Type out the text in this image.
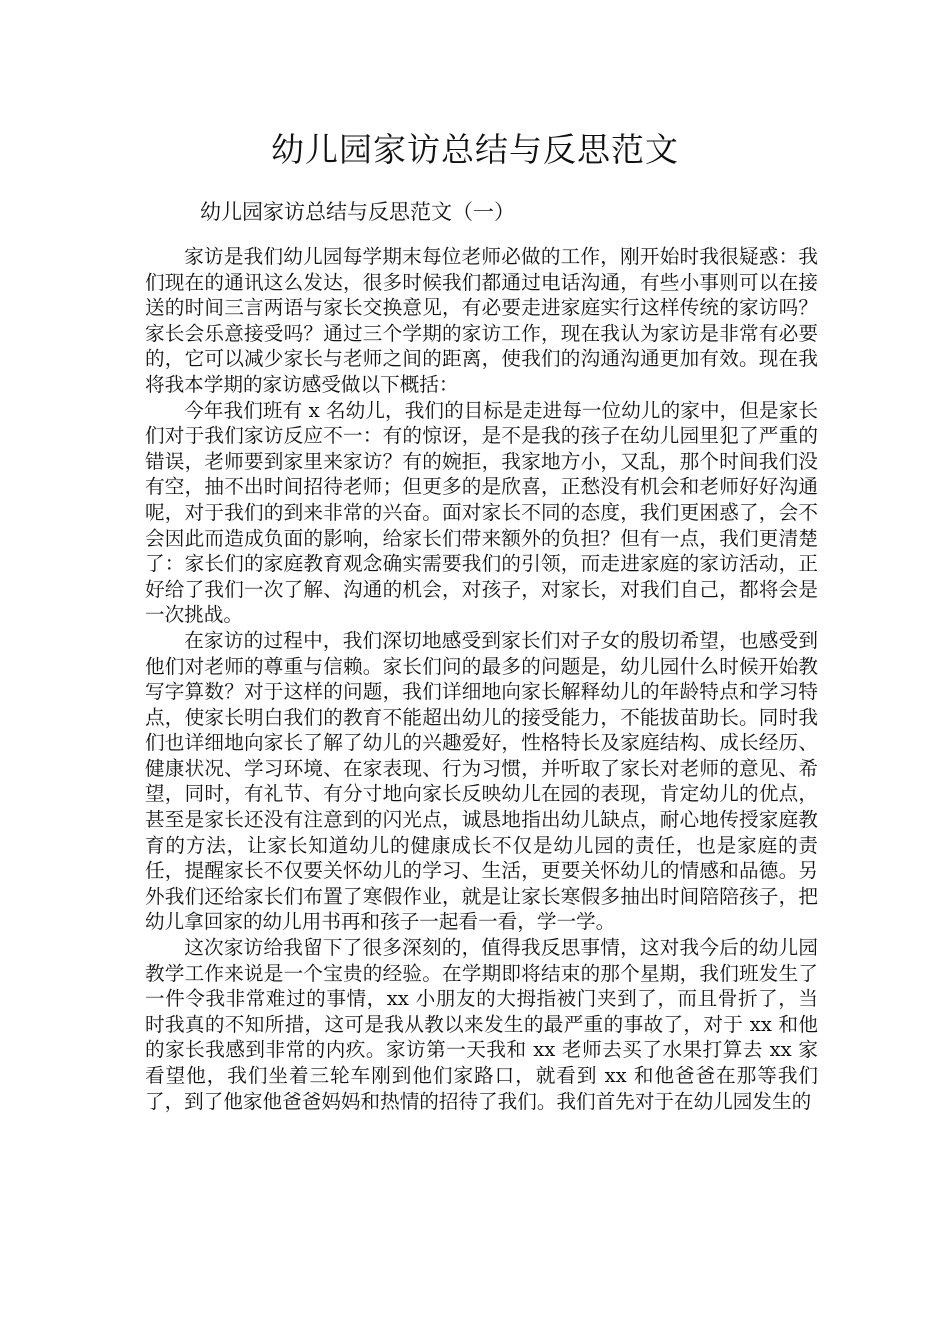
幼儿园家访总结与反思范文

幼儿园家访总结与反思范文（一）

家访是我们幼儿园每学期末每位老师必做的工作，刚开始时我很疑惑：我们现在的通讯这么发达，很多时候我们都通过电话沟通，有些小事则可以在接送的时间三言两语与家长交换意见，有必要走进家庭实行这样传统的家访吗？家长会乐意接受吗？通过三个学期的家访工作，现在我认为家访是非常有必要的，它可以减少家长与老师之间的距离，使我们的沟通沟通更加有效。现在我将我本学期的家访感受做以下概括：

今年我们班有 x 名幼儿，我们的目标是走进每一位幼儿的家中，但是家长们对于我们家访反应不一：有的惊讶，是不是我的孩子在幼儿园里犯了严重的错误，老师要到家里来家访？有的婉拒，我家地方小，又乱，那个时间我们没有空，抽不出时间招待老师；但更多的是欣喜，正愁没有机会和老师好好沟通呢，对于我们的到来非常的兴奋。面对家长不同的态度，我们更困惑了，会不会因此而造成负面的影响，给家长们带来额外的负担？但有一点，我们更清楚了：家长们的家庭教育观念确实需要我们的引领，而走进家庭的家访活动，正好给了我们一次了解、沟通的机会，对孩子，对家长，对我们自己，都将会是一次挑战。

在家访的过程中，我们深切地感受到家长们对子女的殷切希望，也感受到他们对老师的尊重与信赖。家长们问的最多的问题是，幼儿园什么时候开始教写字算数？对于这样的问题，我们详细地向家长解释幼儿的年龄特点和学习特点，使家长明白我们的教育不能超出幼儿的接受能力，不能拔苗助长。同时我们也详细地向家长了解了幼儿的兴趣爱好，性格特长及家庭结构、成长经历、健康状况、学习环境、在家表现、行为习惯，并听取了家长对老师的意见、希望，同时，有礼节、有分寸地向家长反映幼儿在园的表现，肯定幼儿的优点，甚至是家长还没有注意到的闪光点，诚恳地指出幼儿缺点，耐心地传授家庭教育的方法，让家长知道幼儿的健康成长不仅是幼儿园的责任，也是家庭的责任，提醒家长不仅要关怀幼儿的学习、生活，更要关怀幼儿的情感和品德。另外我们还给家长们布置了寒假作业，就是让家长寒假多抽出时间陪陪孩子，把幼儿拿回家的幼儿用书再和孩子一起看一看，学一学。

这次家访给我留下了很多深刻的，值得我反思事情，这对我今后的幼儿园教学工作来说是一个宝贵的经验。在学期即将结束的那个星期，我们班发生了一件令我非常难过的事情，xx 小朋友的大拇指被门夹到了，而且骨折了，当时我真的不知所措，这可是我从教以来发生的最严重的事故了，对于 xx 和他的家长我感到非常的内疚。家访第一天我和 xx 老师去买了水果打算去 xx 家看望他，我们坐着三轮车刚到他们家路口，就看到 xx 和他爸爸在那等我们了，到了他家他爸爸妈妈和热情的招待了我们。我们首先对于在幼儿园发生的
